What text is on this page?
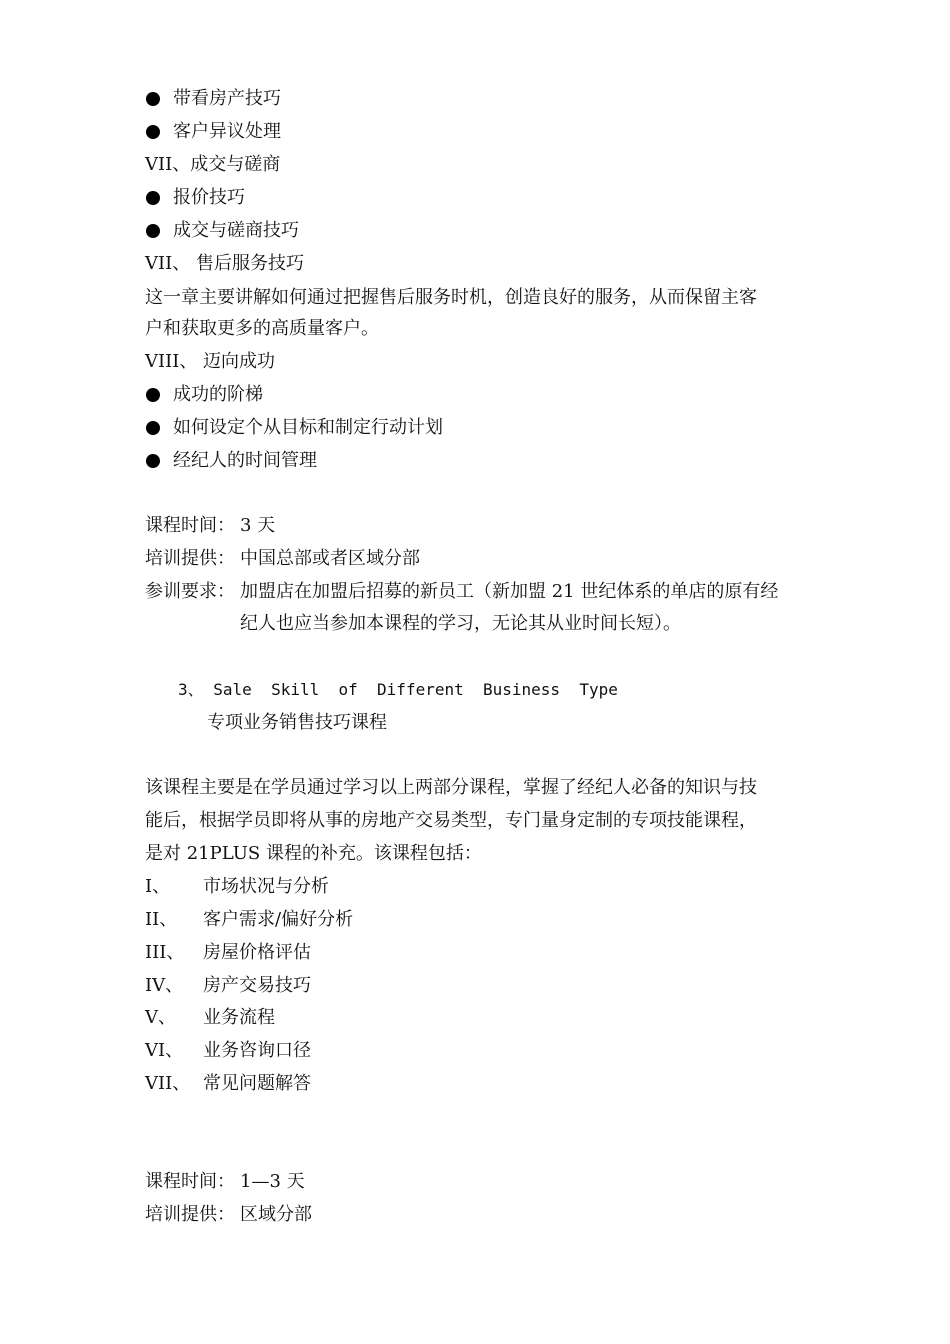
带看房产技巧

客户异议处理

VII、成交与磋商

报价技巧

成交与磋商技巧

VII、 售后服务技巧
这一章主要讲解如何通过把握售后服务时机，创造良好的服务，从而保留主客
户和获取更多的高质量客户。
VIII、 迈向成功

成功的阶梯

如何设定个从目标和制定行动计划

经纪人的时间管理

课程时间： 3 天
培训提供： 中国总部或者区域分部
参训要求： 加盟店在加盟后招募的新员工（新加盟 21 世纪体系的单店的原有经
纪人也应当参加本课程的学习，无论其从业时间长短）。
3、 Sale  Skill  of  Different  Business  Type
专项业务销售技巧课程
该课程主要是在学员通过学习以上两部分课程，掌握了经纪人必备的知识与技
能后，根据学员即将从事的房地产交易类型，专门量身定制的专项技能课程，
是对 21PLUS 课程的补充。该课程包括：
I、 市场状况与分析
II、 客户需求/偏好分析
III、 房屋价格评估
IV、 房产交易技巧
V、 业务流程
VI、 业务咨询口径
VII、 常见问题解答
课程时间： 1—3 天
培训提供： 区域分部
